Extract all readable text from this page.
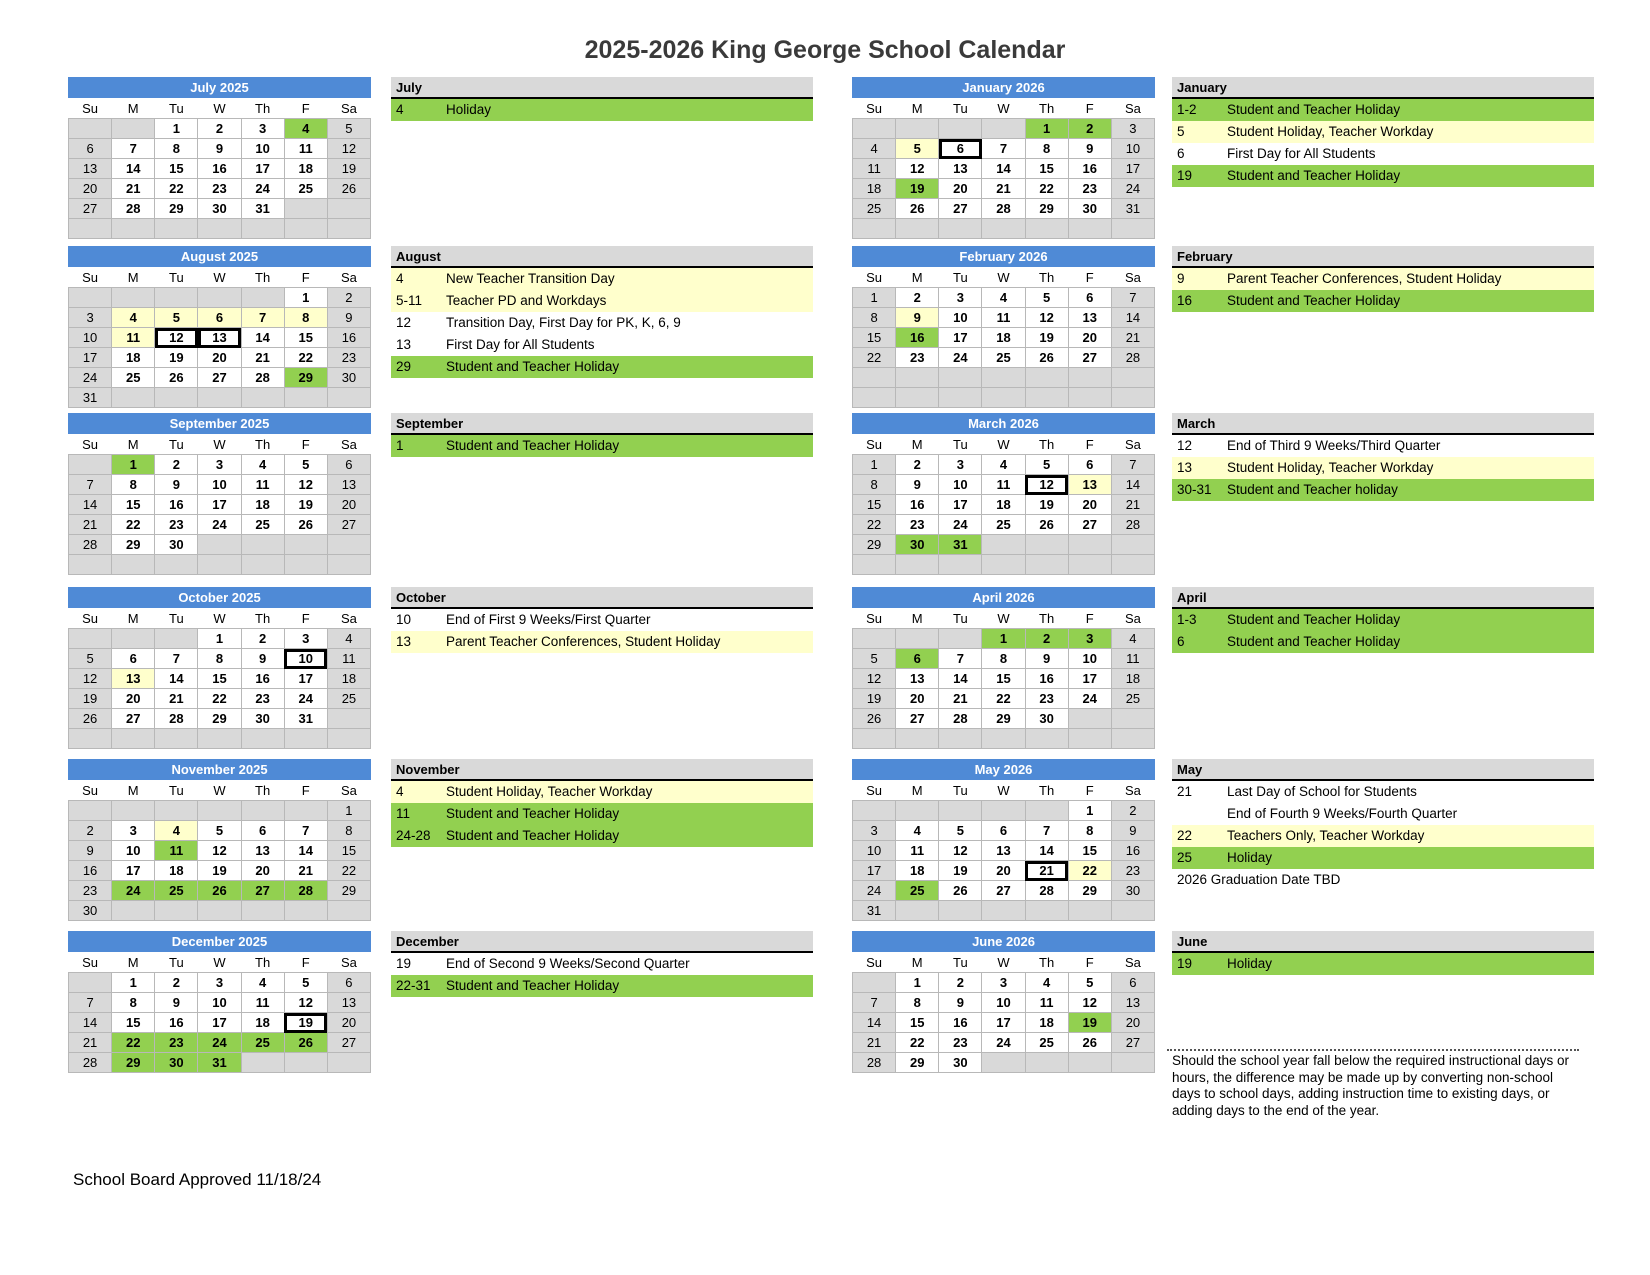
2025-2026 King George School Calendar
July 2025
Su	M	Tu	W	Th	F	Sa
		1	2	3	4	5
6	7	8	9	10	11	12
13	14	15	16	17	18	19
20	21	22	23	24	25	26
27	28	29	30	31		

August 2025
Su	M	Tu	W	Th	F	Sa
					1	2
3	4	5	6	7	8	9
10	11	12	13	14	15	16
17	18	19	20	21	22	23
24	25	26	27	28	29	30
31						
September 2025
Su	M	Tu	W	Th	F	Sa
	1	2	3	4	5	6
7	8	9	10	11	12	13
14	15	16	17	18	19	20
21	22	23	24	25	26	27
28	29	30				

October 2025
Su	M	Tu	W	Th	F	Sa
			1	2	3	4
5	6	7	8	9	10	11
12	13	14	15	16	17	18
19	20	21	22	23	24	25
26	27	28	29	30	31	

November 2025
Su	M	Tu	W	Th	F	Sa
						1
2	3	4	5	6	7	8
9	10	11	12	13	14	15
16	17	18	19	20	21	22
23	24	25	26	27	28	29
30						
December 2025
Su	M	Tu	W	Th	F	Sa
	1	2	3	4	5	6
7	8	9	10	11	12	13
14	15	16	17	18	19	20
21	22	23	24	25	26	27
28	29	30	31			
January 2026
Su	M	Tu	W	Th	F	Sa
				1	2	3
4	5	6	7	8	9	10
11	12	13	14	15	16	17
18	19	20	21	22	23	24
25	26	27	28	29	30	31

February 2026
Su	M	Tu	W	Th	F	Sa
1	2	3	4	5	6	7
8	9	10	11	12	13	14
15	16	17	18	19	20	21
22	23	24	25	26	27	28

March 2026
Su	M	Tu	W	Th	F	Sa
1	2	3	4	5	6	7
8	9	10	11	12	13	14
15	16	17	18	19	20	21
22	23	24	25	26	27	28
29	30	31				

April 2026
Su	M	Tu	W	Th	F	Sa
			1	2	3	4
5	6	7	8	9	10	11
12	13	14	15	16	17	18
19	20	21	22	23	24	25
26	27	28	29	30		

May 2026
Su	M	Tu	W	Th	F	Sa
					1	2
3	4	5	6	7	8	9
10	11	12	13	14	15	16
17	18	19	20	21	22	23
24	25	26	27	28	29	30
31						
June 2026
Su	M	Tu	W	Th	F	Sa
	1	2	3	4	5	6
7	8	9	10	11	12	13
14	15	16	17	18	19	20
21	22	23	24	25	26	27
28	29	30				
July
4	Holiday
August
4	New Teacher Transition Day
5-11	Teacher PD and Workdays
12	Transition Day, First Day for PK, K, 6, 9
13	First Day for All Students
29	Student and Teacher Holiday
September
1	Student and Teacher Holiday
October
10	End of First 9 Weeks/First Quarter
13	Parent Teacher Conferences, Student Holiday
November
4	Student Holiday, Teacher Workday
11	Student and Teacher Holiday
24-28	Student and Teacher Holiday
December
19	End of Second 9 Weeks/Second Quarter
22-31	Student and Teacher Holiday
January
1-2	Student and Teacher Holiday
5	Student Holiday, Teacher Workday
6	First Day for All Students
19	Student and Teacher Holiday
February
9	Parent Teacher Conferences, Student Holiday
16	Student and Teacher Holiday
March
12	End of Third 9 Weeks/Third Quarter
13	Student Holiday, Teacher Workday
30-31	Student and Teacher holiday
April
1-3	Student and Teacher Holiday
6	Student and Teacher Holiday
May
21	Last Day of School for Students
End of Fourth 9 Weeks/Fourth Quarter
22	Teachers Only, Teacher Workday
25	Holiday
2026 Graduation Date TBD
June
19	Holiday
Should the school year fall below the required instructional days or hours, the difference may be made up by converting non-school days to school days, adding instruction time to existing days, or adding days to the end of the year.
School Board Approved 11/18/24
